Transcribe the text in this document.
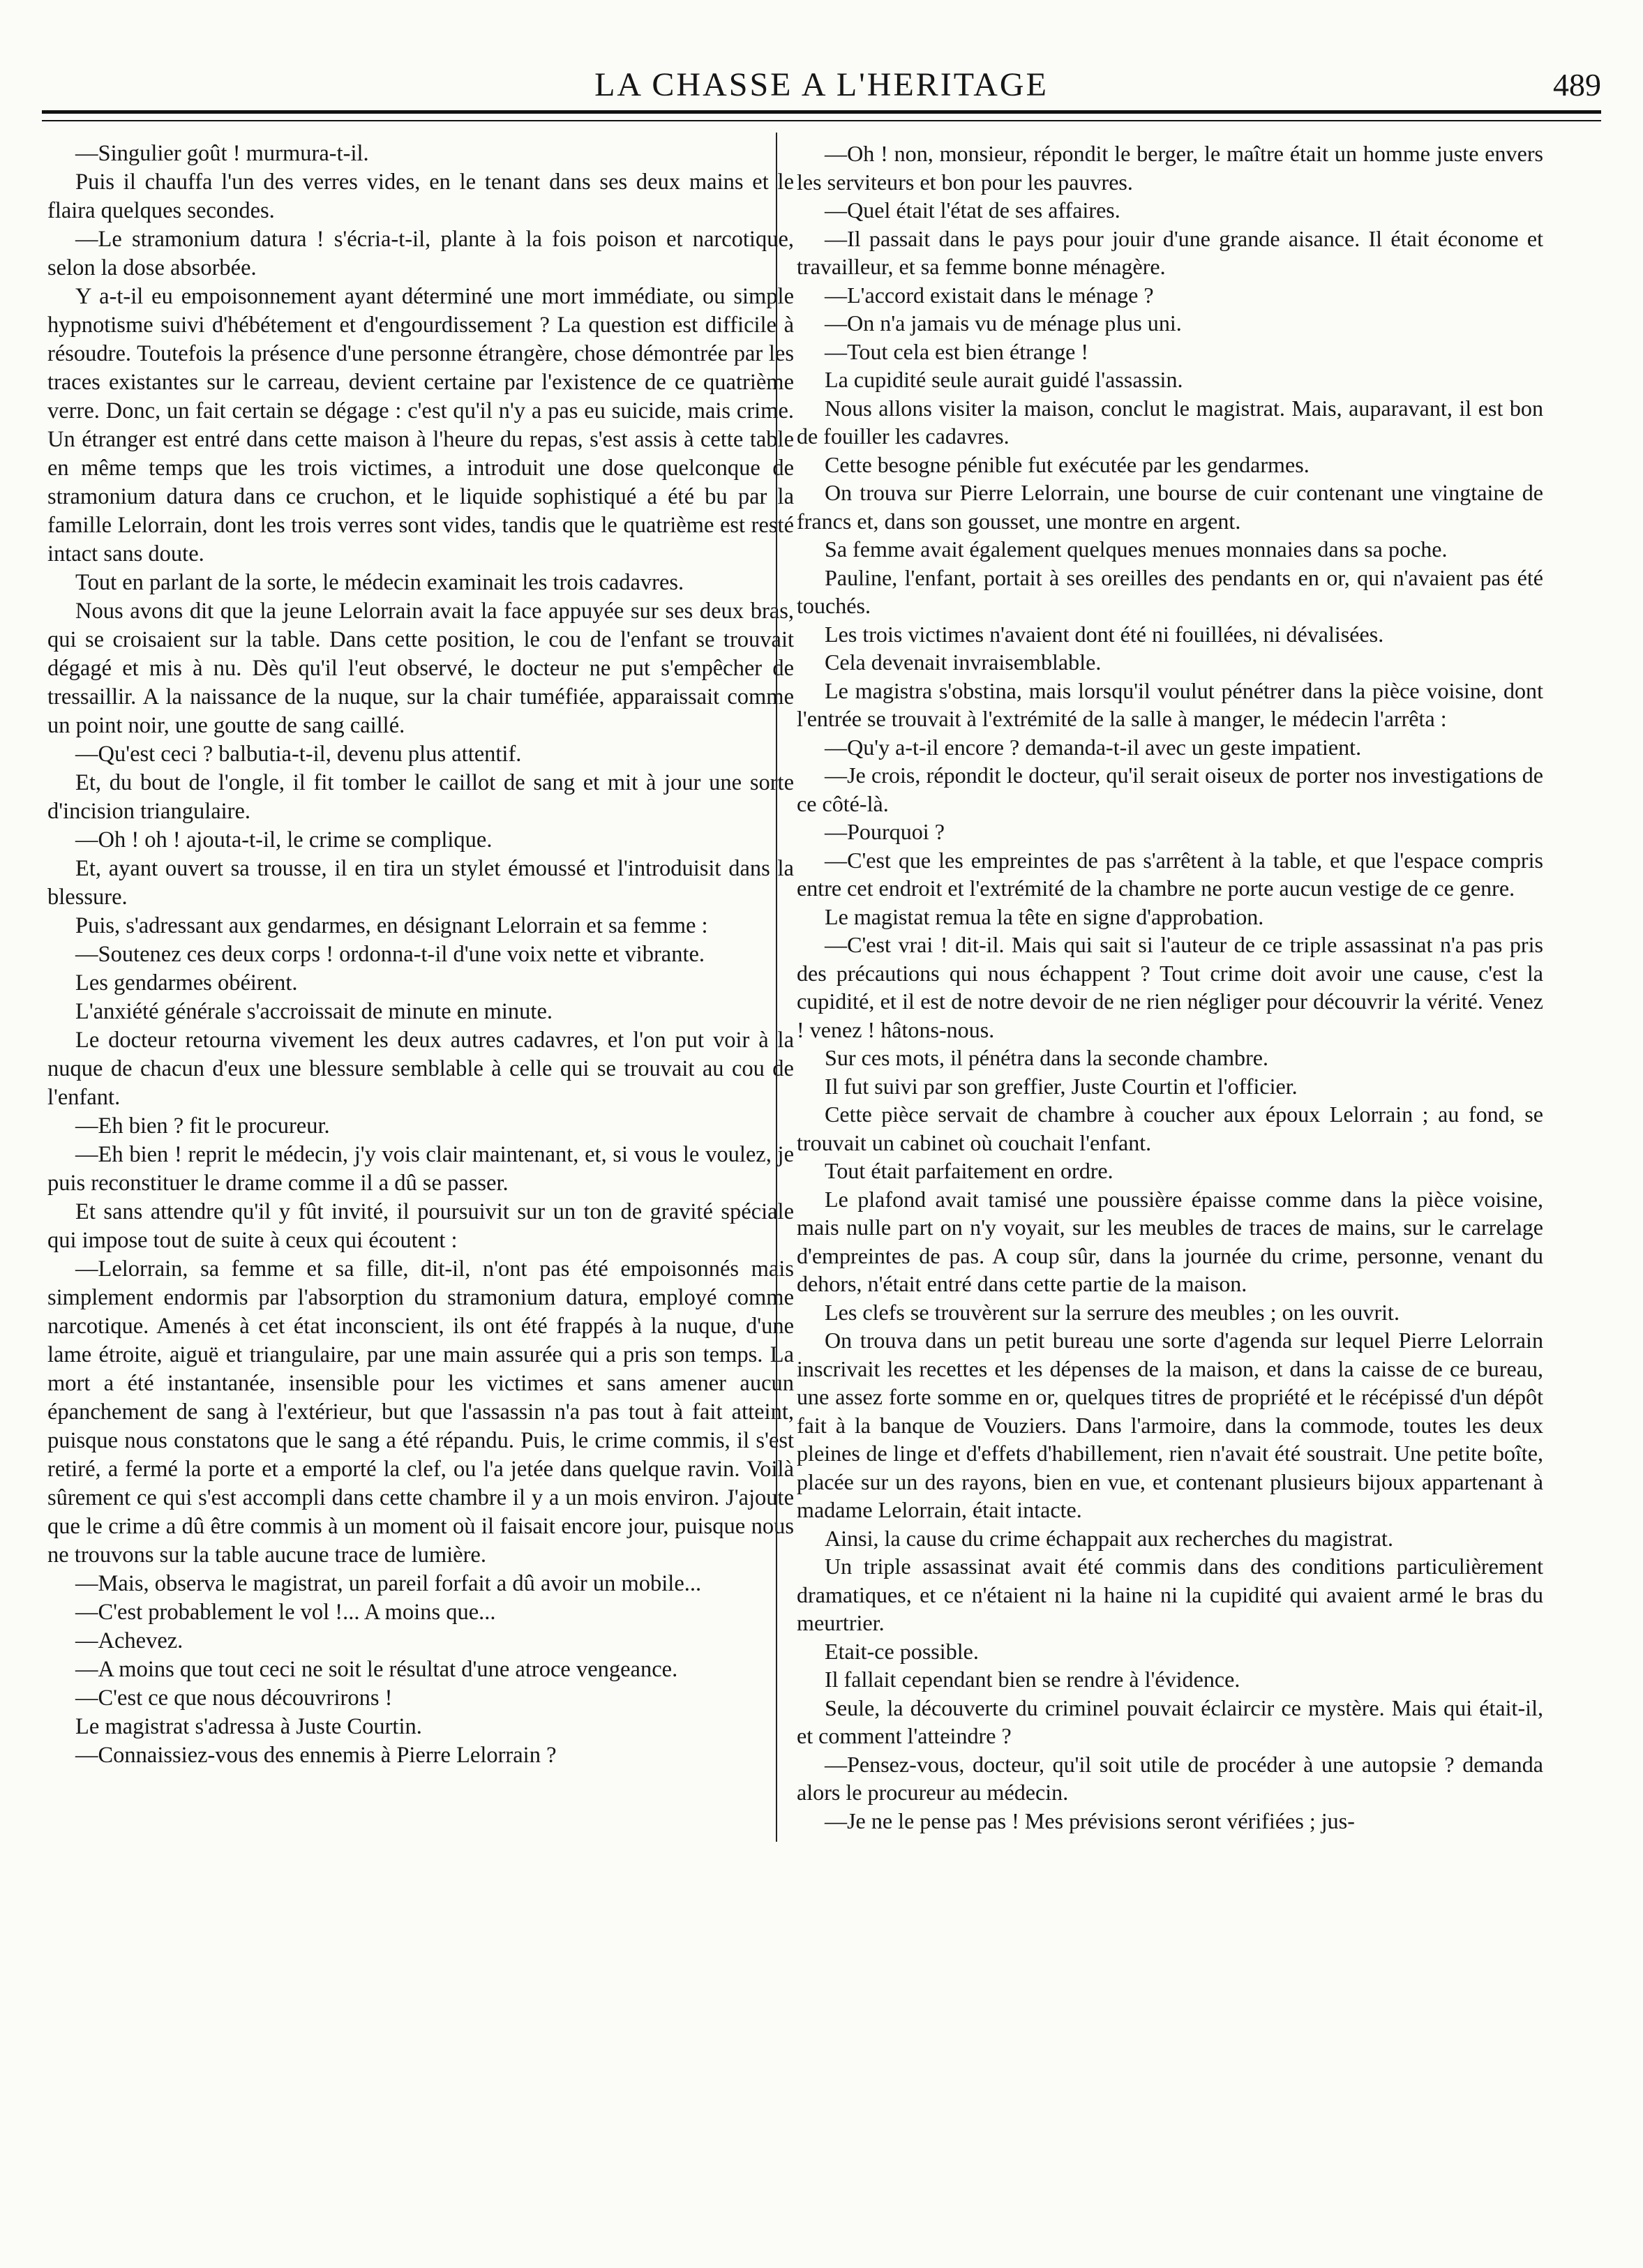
LA CHASSE A L'HERITAGE	489

—Singulier goût ! murmura-t-il.

Puis il chauffa l'un des verres vides, en le tenant dans ses deux mains et le flaira quelques secondes.

—Le stramonium datura ! s'écria-t-il, plante à la fois poison et narcotique, selon la dose absorbée.

Y a-t-il eu empoisonnement ayant déterminé une mort immédiate, ou simple hypnotisme suivi d'hébétement et d'engourdissement ? La question est difficile à résoudre. Toutefois la présence d'une personne étrangère, chose démontrée par les traces existantes sur le carreau, devient certaine par l'existence de ce quatrième verre. Donc, un fait certain se dégage : c'est qu'il n'y a pas eu suicide, mais crime. Un étranger est entré dans cette maison à l'heure du repas, s'est assis à cette table en même temps que les trois victimes, a introduit une dose quelconque de stramonium datura dans ce cruchon, et le liquide sophistiqué a été bu par la famille Lelorrain, dont les trois verres sont vides, tandis que le quatrième est resté intact sans doute.

Tout en parlant de la sorte, le médecin examinait les trois cadavres.

Nous avons dit que la jeune Lelorrain avait la face appuyée sur ses deux bras, qui se croisaient sur la table. Dans cette position, le cou de l'enfant se trouvait dégagé et mis à nu. Dès qu'il l'eut observé, le docteur ne put s'empêcher de tressaillir. A la naissance de la nuque, sur la chair tuméfiée, apparaissait comme un point noir, une goutte de sang caillé.

—Qu'est ceci ? balbutia-t-il, devenu plus attentif.

Et, du bout de l'ongle, il fit tomber le caillot de sang et mit à jour une sorte d'incision triangulaire.

—Oh ! oh ! ajouta-t-il, le crime se complique.

Et, ayant ouvert sa trousse, il en tira un stylet émoussé et l'introduisit dans la blessure.

Puis, s'adressant aux gendarmes, en désignant Lelorrain et sa femme :

—Soutenez ces deux corps ! ordonna-t-il d'une voix nette et vibrante.

Les gendarmes obéirent.

L'anxiété générale s'accroissait de minute en minute.

Le docteur retourna vivement les deux autres cadavres, et l'on put voir à la nuque de chacun d'eux une blessure semblable à celle qui se trouvait au cou de l'enfant.

—Eh bien ? fit le procureur.

—Eh bien ! reprit le médecin, j'y vois clair maintenant, et, si vous le voulez, je puis reconstituer le drame comme il a dû se passer.

Et sans attendre qu'il y fût invité, il poursuivit sur un ton de gravité spéciale qui impose tout de suite à ceux qui écoutent :

—Lelorrain, sa femme et sa fille, dit-il, n'ont pas été empoisonnés mais simplement endormis par l'absorption du stramonium datura, employé comme narcotique. Amenés à cet état inconscient, ils ont été frappés à la nuque, d'une lame étroite, aiguë et triangulaire, par une main assurée qui a pris son temps. La mort a été instantanée, insensible pour les victimes et sans amener aucun épanchement de sang à l'extérieur, but que l'assassin n'a pas tout à fait atteint, puisque nous constatons que le sang a été répandu. Puis, le crime commis, il s'est retiré, a fermé la porte et a emporté la clef, ou l'a jetée dans quelque ravin. Voilà sûrement ce qui s'est accompli dans cette chambre il y a un mois environ. J'ajoute que le crime a dû être commis à un moment où il faisait encore jour, puisque nous ne trouvons sur la table aucune trace de lumière.

—Mais, observa le magistrat, un pareil forfait a dû avoir un mobile...

—C'est probablement le vol !... A moins que...

—Achevez.

—A moins que tout ceci ne soit le résultat d'une atroce vengeance.

—C'est ce que nous découvrirons !

Le magistrat s'adressa à Juste Courtin.

—Connaissiez-vous des ennemis à Pierre Lelorrain ?

—Oh ! non, monsieur, répondit le berger, le maître était un homme juste envers les serviteurs et bon pour les pauvres.

—Quel était l'état de ses affaires.

—Il passait dans le pays pour jouir d'une grande aisance. Il était économe et travailleur, et sa femme bonne ménagère.

—L'accord existait dans le ménage ?

—On n'a jamais vu de ménage plus uni.

—Tout cela est bien étrange !

La cupidité seule aurait guidé l'assassin.

Nous allons visiter la maison, conclut le magistrat. Mais, auparavant, il est bon de fouiller les cadavres.

Cette besogne pénible fut exécutée par les gendarmes.

On trouva sur Pierre Lelorrain, une bourse de cuir contenant une vingtaine de francs et, dans son gousset, une montre en argent.

Sa femme avait également quelques menues monnaies dans sa poche.

Pauline, l'enfant, portait à ses oreilles des pendants en or, qui n'avaient pas été touchés.

Les trois victimes n'avaient dont été ni fouillées, ni dévalisées.

Cela devenait invraisemblable.

Le magistra s'obstina, mais lorsqu'il voulut pénétrer dans la pièce voisine, dont l'entrée se trouvait à l'extrémité de la salle à manger, le médecin l'arrêta :

—Qu'y a-t-il encore ? demanda-t-il avec un geste impatient.

—Je crois, répondit le docteur, qu'il serait oiseux de porter nos investigations de ce côté-là.

—Pourquoi ?

—C'est que les empreintes de pas s'arrêtent à la table, et que l'espace compris entre cet endroit et l'extrémité de la chambre ne porte aucun vestige de ce genre.

Le magistat remua la tête en signe d'approbation.

—C'est vrai ! dit-il. Mais qui sait si l'auteur de ce triple assassinat n'a pas pris des précautions qui nous échappent ? Tout crime doit avoir une cause, c'est la cupidité, et il est de notre devoir de ne rien négliger pour découvrir la vérité. Venez ! venez ! hâtons-nous.

Sur ces mots, il pénétra dans la seconde chambre.

Il fut suivi par son greffier, Juste Courtin et l'officier.

Cette pièce servait de chambre à coucher aux époux Lelorrain ; au fond, se trouvait un cabinet où couchait l'enfant.

Tout était parfaitement en ordre.

Le plafond avait tamisé une poussière épaisse comme dans la pièce voisine, mais nulle part on n'y voyait, sur les meubles de traces de mains, sur le carrelage d'empreintes de pas. A coup sûr, dans la journée du crime, personne, venant du dehors, n'était entré dans cette partie de la maison.

Les clefs se trouvèrent sur la serrure des meubles ; on les ouvrit.

On trouva dans un petit bureau une sorte d'agenda sur lequel Pierre Lelorrain inscrivait les recettes et les dépenses de la maison, et dans la caisse de ce bureau, une assez forte somme en or, quelques titres de propriété et le récépissé d'un dépôt fait à la banque de Vouziers. Dans l'armoire, dans la commode, toutes les deux pleines de linge et d'effets d'habillement, rien n'avait été soustrait. Une petite boîte, placée sur un des rayons, bien en vue, et contenant plusieurs bijoux appartenant à madame Lelorrain, était intacte.

Ainsi, la cause du crime échappait aux recherches du magistrat.

Un triple assassinat avait été commis dans des conditions particulièrement dramatiques, et ce n'étaient ni la haine ni la cupidité qui avaient armé le bras du meurtrier.

Etait-ce possible.

Il fallait cependant bien se rendre à l'évidence.

Seule, la découverte du criminel pouvait éclaircir ce mystère. Mais qui était-il, et comment l'atteindre ?

—Pensez-vous, docteur, qu'il soit utile de procéder à une autopsie ? demanda alors le procureur au médecin.

—Je ne le pense pas ! Mes prévisions seront vérifiées ; jus-
